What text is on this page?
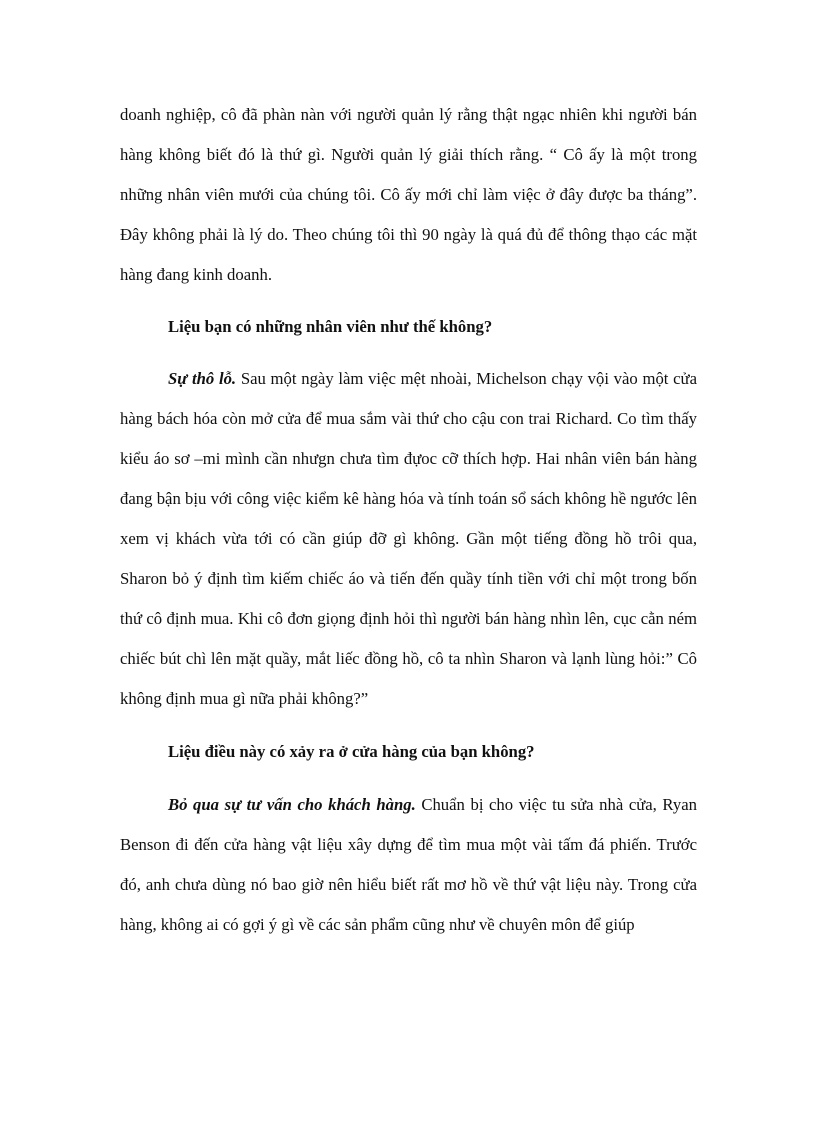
doanh nghiệp, cô đã phàn nàn với người quản lý rằng thật ngạc nhiên khi người bán hàng không biết đó là thứ gì. Người quản lý giải thích rằng. “ Cô ấy là một trong những nhân viên mưới của chúng tôi. Cô ấy mới chỉ làm việc ở đây được ba tháng”. Đây không phải là lý do. Theo chúng tôi thì 90 ngày là quá đủ để thông thạo các mặt hàng đang kinh doanh.

Liệu bạn có những nhân viên như thế không?

Sự thô lỗ. Sau một ngày làm việc mệt nhoài, Michelson chạy vội vào một cửa hàng bách hóa còn mở cửa để mua sắm vài thứ cho cậu con trai Richard. Co tìm thấy kiểu áo sơ –mi mình cần nhưgn chưa tìm đựoc cỡ thích hợp. Hai nhân viên bán hàng đang bận bịu với công việc kiểm kê hàng hóa và tính toán sổ sách không hề ngước lên xem vị khách vừa tới có cần giúp đỡ gì không. Gần một tiếng đồng hồ trôi qua, Sharon bỏ ý định tìm kiếm chiếc áo và tiến đến quầy tính tiền với chỉ một trong bốn thứ cô định mua. Khi cô đơn giọng định hỏi thì người bán hàng nhìn lên, cục cằn ném chiếc bút chì lên mặt quầy, mắt liếc đồng hồ, cô ta nhìn Sharon và lạnh lùng hỏi:” Cô không định mua gì nữa phải không?”

Liệu điều này có xảy ra ở cửa hàng của bạn không?

Bỏ qua sự tư vấn cho khách hàng. Chuẩn bị cho việc tu sửa nhà cửa, Ryan Benson đi đến cửa hàng vật liệu xây dựng để tìm mua một vài tấm đá phiến. Trước đó, anh chưa dùng nó bao giờ nên hiểu biết rất mơ hồ về thứ vật liệu này. Trong cửa hàng, không ai có gợi ý gì về các sản phẩm cũng như về chuyên môn để giúp
